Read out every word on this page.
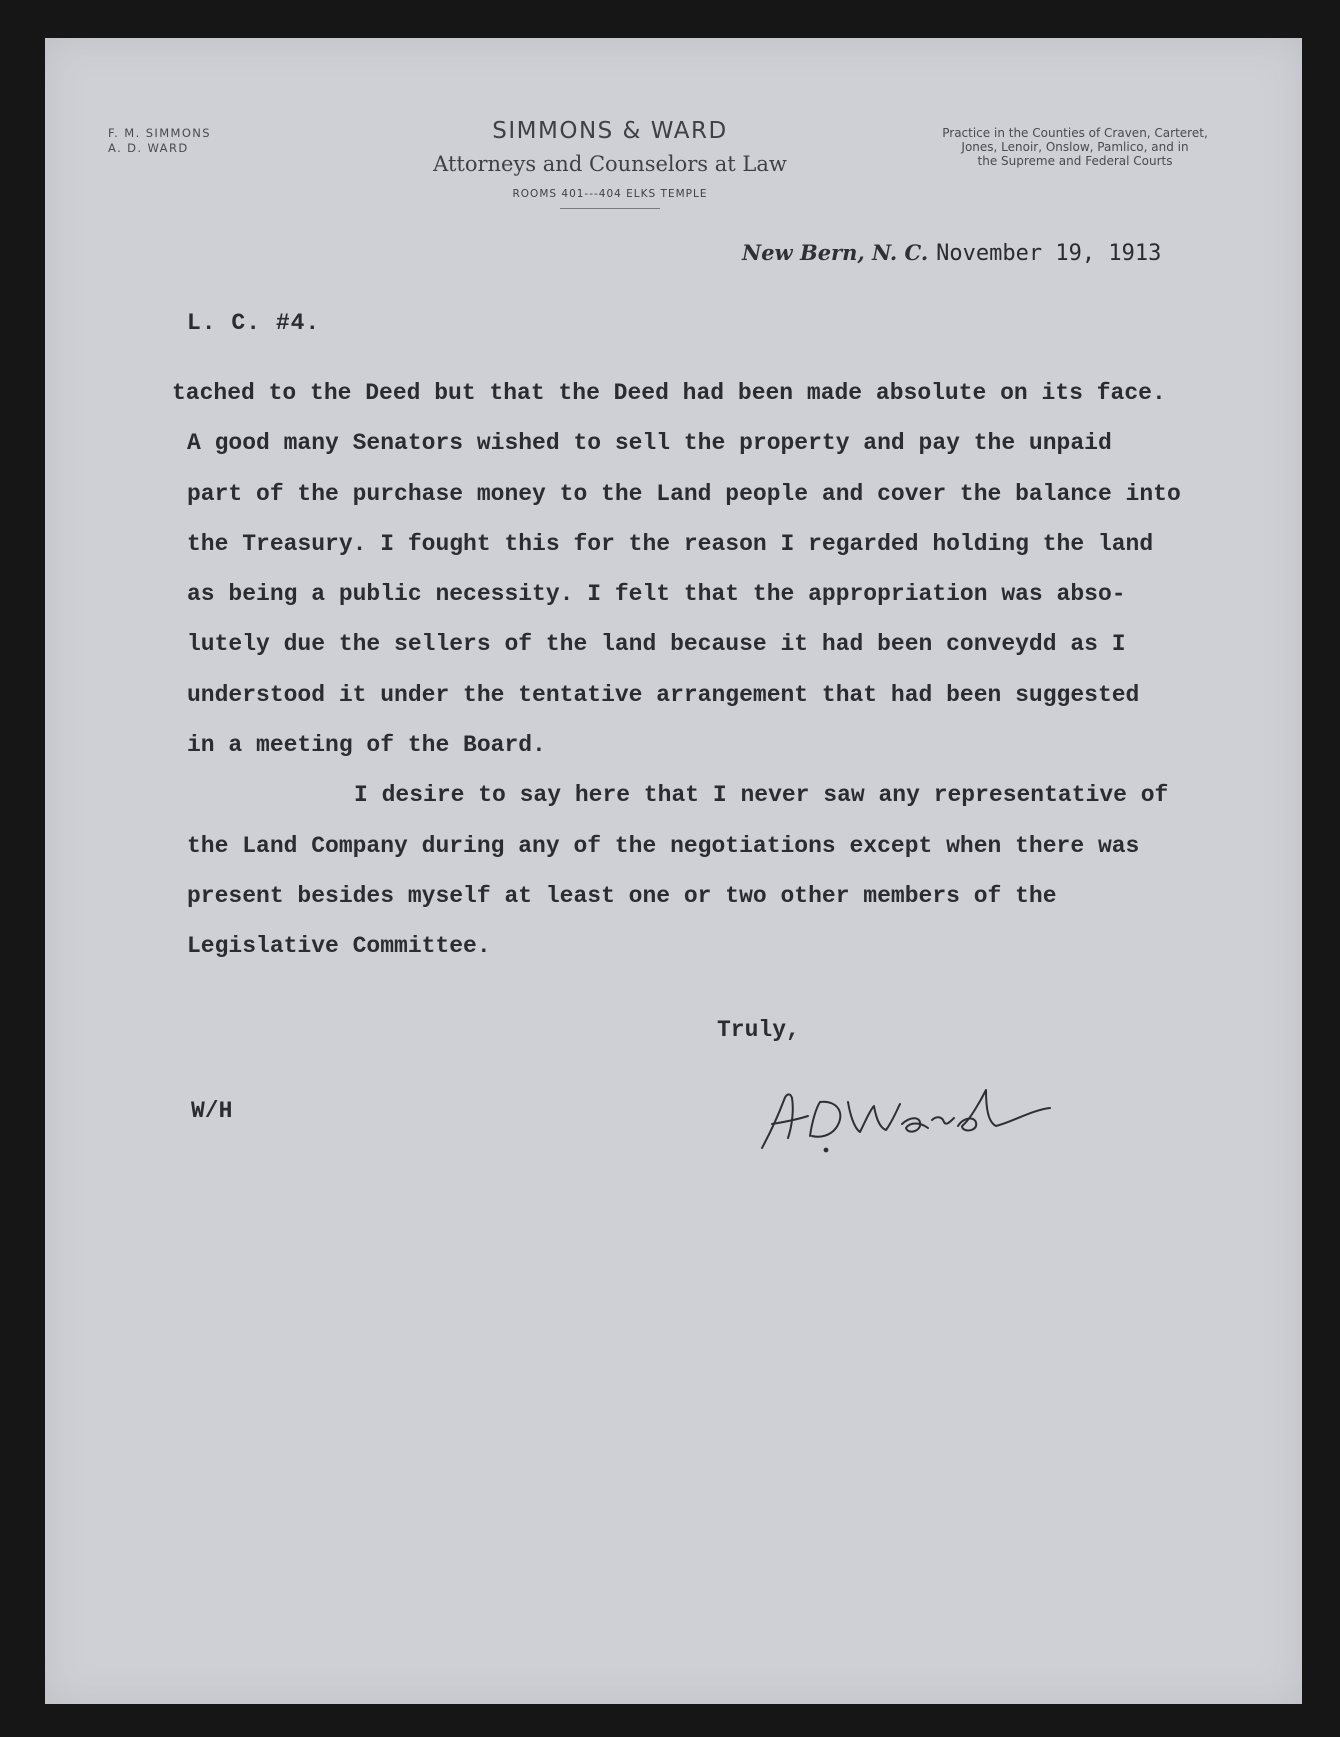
F. M. SIMMONS
A. D. WARD
SIMMONS & WARD
Attorneys and Counselors at Law
ROOMS 401---404 ELKS TEMPLE
Practice in the Counties of Craven, Carteret,
Jones, Lenoir, Onslow, Pamlico, and in
the Supreme and Federal Courts
New Bern, N. C. November 19, 1913
L. C. #4.
tached to the Deed but that the Deed had been made absolute on its face.
A good many Senators wished to sell the property and pay the unpaid
part of the purchase money to the Land people and cover the balance into
the Treasury. I fought this for the reason I regarded holding the land
as being a public necessity. I felt that the appropriation was abso-
lutely due the sellers of the land because it had been conveydd as I
understood it under the tentative arrangement that had been suggested
in a meeting of the Board.
I desire to say here that I never saw any representative of
the Land Company during any of the negotiations except when there was
present besides myself at least one or two other members of the
Legislative Committee.
Truly,
W/H
